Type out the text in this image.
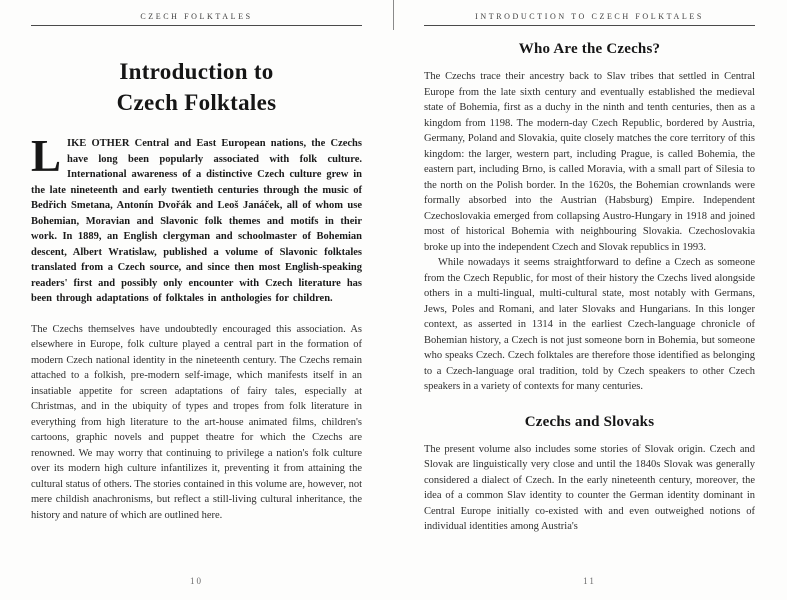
CZECH FOLKTALES
Introduction to
Czech Folktales

LIKE OTHER Central and East European nations, the Czechs have long been popularly associated with folk culture. International awareness of a distinctive Czech culture grew in the late nineteenth and early twentieth centuries through the music of Bedřich Smetana, Antonín Dvořák and Leoš Janáček, all of whom use Bohemian, Moravian and Slavonic folk themes and motifs in their work. In 1889, an English clergyman and schoolmaster of Bohemian descent, Albert Wratislaw, published a volume of Slavonic folktales translated from a Czech source, and since then most English-speaking readers' first and possibly only encounter with Czech literature has been through adaptations of folktales in anthologies for children.

The Czechs themselves have undoubtedly encouraged this association. As elsewhere in Europe, folk culture played a central part in the formation of modern Czech national identity in the nineteenth century. The Czechs remain attached to a folkish, pre-modern self-image, which manifests itself in an insatiable appetite for screen adaptations of fairy tales, especially at Christmas, and in the ubiquity of types and tropes from folk literature in everything from high literature to the art-house animated films, children's cartoons, graphic novels and puppet theatre for which the Czechs are renowned. We may worry that continuing to privilege a nation's folk culture over its modern high culture infantilizes it, preventing it from attaining the cultural status of others. The stories contained in this volume are, however, not mere childish anachronisms, but reflect a still-living cultural inheritance, the history and nature of which are outlined here.

10
INTRODUCTION TO CZECH FOLKTALES
Who Are the Czechs?

The Czechs trace their ancestry back to Slav tribes that settled in Central Europe from the late sixth century and eventually established the medieval state of Bohemia, first as a duchy in the ninth and tenth centuries, then as a kingdom from 1198. The modern-day Czech Republic, bordered by Austria, Germany, Poland and Slovakia, quite closely matches the core territory of this kingdom: the larger, western part, including Prague, is called Bohemia, the eastern part, including Brno, is called Moravia, with a small part of Silesia to the north on the Polish border. In the 1620s, the Bohemian crownlands were formally absorbed into the Austrian (Habsburg) Empire. Independent Czechoslovakia emerged from collapsing Austro-Hungary in 1918 and joined most of historical Bohemia with neighbouring Slovakia. Czechoslovakia broke up into the independent Czech and Slovak republics in 1993.

While nowadays it seems straightforward to define a Czech as someone from the Czech Republic, for most of their history the Czechs lived alongside others in a multi-lingual, multi-cultural state, most notably with Germans, Jews, Poles and Romani, and later Slovaks and Hungarians. In this longer context, as asserted in 1314 in the earliest Czech-language chronicle of Bohemian history, a Czech is not just someone born in Bohemia, but someone who speaks Czech. Czech folktales are therefore those identified as belonging to a Czech-language oral tradition, told by Czech speakers to other Czech speakers in a variety of contexts for many centuries.

Czechs and Slovaks

The present volume also includes some stories of Slovak origin. Czech and Slovak are linguistically very close and until the 1840s Slovak was generally considered a dialect of Czech. In the early nineteenth century, moreover, the idea of a common Slav identity to counter the German identity dominant in Central Europe initially co-existed with and even outweighed notions of individual identities among Austria's

11
